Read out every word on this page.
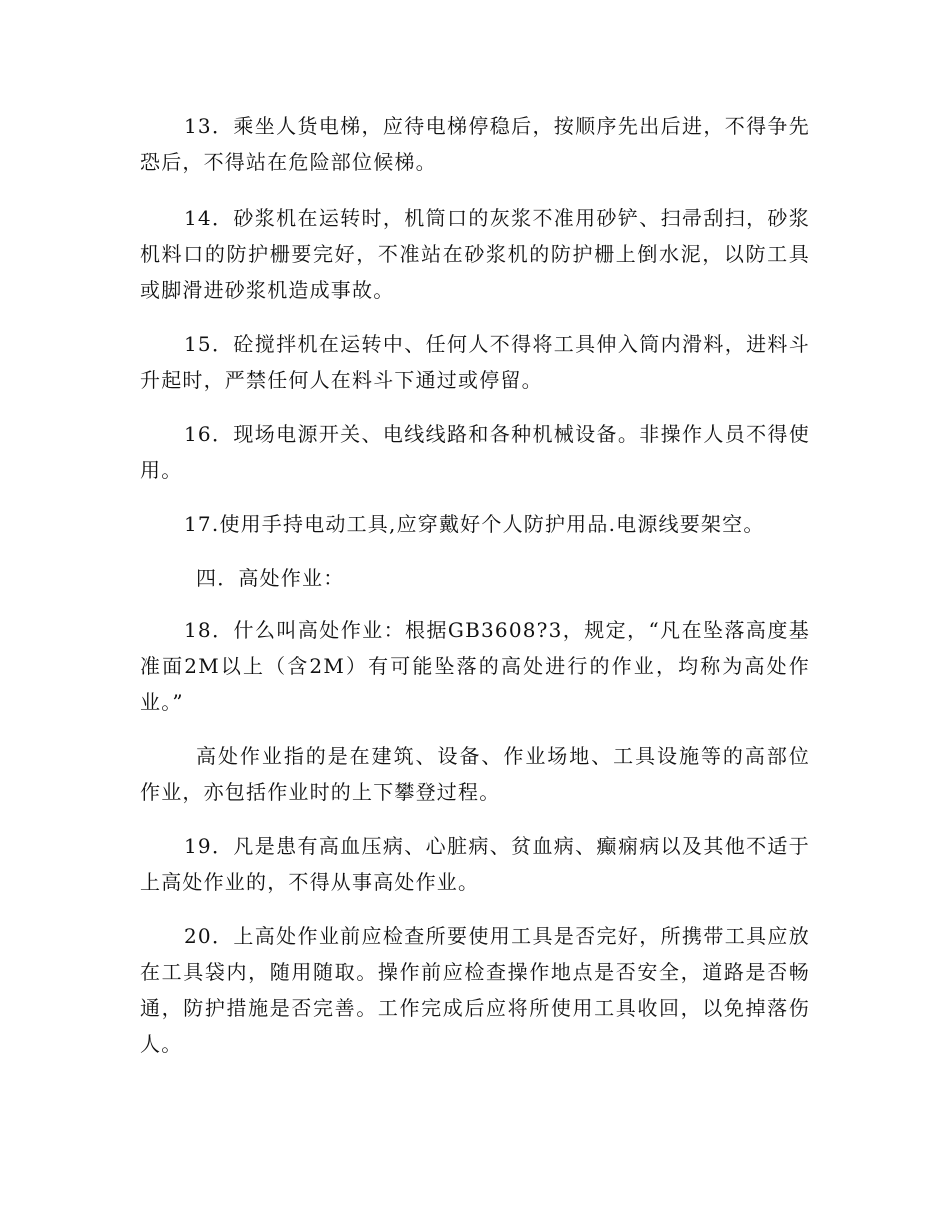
13．乘坐人货电梯，应待电梯停稳后，按顺序先出后进，不得争先恐后，不得站在危险部位候梯。

14．砂浆机在运转时，机筒口的灰浆不准用砂铲、扫帚刮扫，砂浆机料口的防护栅要完好，不准站在砂浆机的防护栅上倒水泥，以防工具或脚滑进砂浆机造成事故。

15．砼搅拌机在运转中、任何人不得将工具伸入筒内滑料，进料斗升起时，严禁任何人在料斗下通过或停留。

16．现场电源开关、电线线路和各种机械设备。非操作人员不得使用。

17.使用手持电动工具,应穿戴好个人防护用品.电源线要架空。

四．高处作业：

18．什么叫高处作业：根据GB3608?3，规定，“凡在坠落高度基准面2M以上（含2M）有可能坠落的高处进行的作业，均称为高处作业。”

高处作业指的是在建筑、设备、作业场地、工具设施等的高部位作业，亦包括作业时的上下攀登过程。

19．凡是患有高血压病、心脏病、贫血病、癫痫病以及其他不适于上高处作业的，不得从事高处作业。

20．上高处作业前应检查所要使用工具是否完好，所携带工具应放在工具袋内，随用随取。操作前应检查操作地点是否安全，道路是否畅通，防护措施是否完善。工作完成后应将所使用工具收回，以免掉落伤人。
